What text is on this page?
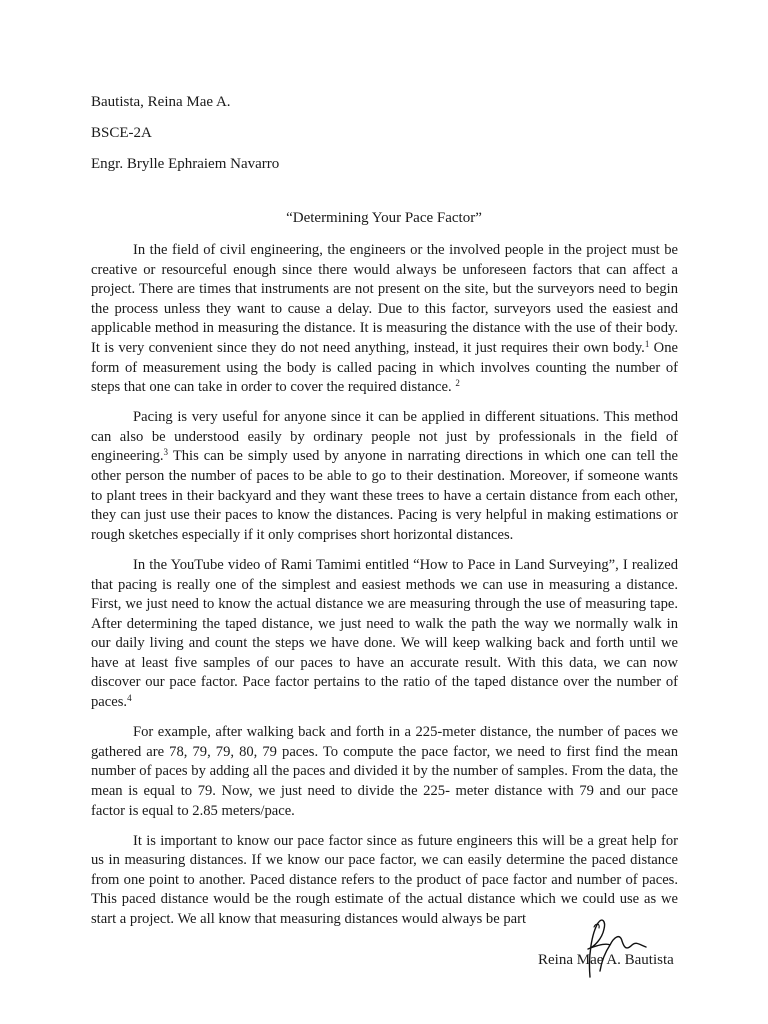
Bautista, Reina Mae A.
BSCE-2A
Engr. Brylle Ephraiem Navarro
“Determining Your Pace Factor”

In the field of civil engineering, the engineers or the involved people in the project must be creative or resourceful enough since there would always be unforeseen factors that can affect a project. There are times that instruments are not present on the site, but the surveyors need to begin the process unless they want to cause a delay. Due to this factor, surveyors used the easiest and applicable method in measuring the distance. It is measuring the distance with the use of their body. It is very convenient since they do not need anything, instead, it just requires their own body.$^1$ One form of measurement using the body is called pacing in which involves counting the number of steps that one can take in order to cover the required distance. $^2$

Pacing is very useful for anyone since it can be applied in different situations. This method can also be understood easily by ordinary people not just by professionals in the field of engineering.$^3$ This can be simply used by anyone in narrating directions in which one can tell the other person the number of paces to be able to go to their destination. Moreover, if someone wants to plant trees in their backyard and they want these trees to have a certain distance from each other, they can just use their paces to know the distances. Pacing is very helpful in making estimations or rough sketches especially if it only comprises short horizontal distances.

In the YouTube video of Rami Tamimi entitled “How to Pace in Land Surveying”, I realized that pacing is really one of the simplest and easiest methods we can use in measuring a distance. First, we just need to know the actual distance we are measuring through the use of measuring tape. After determining the taped distance, we just need to walk the path the way we normally walk in our daily living and count the steps we have done. We will keep walking back and forth until we have at least five samples of our paces to have an accurate result. With this data, we can now discover our pace factor. Pace factor pertains to the ratio of the taped distance over the number of paces.$^4$

For example, after walking back and forth in a 225-meter distance, the number of paces we gathered are 78, 79, 79, 80, 79 paces. To compute the pace factor, we need to first find the mean number of paces by adding all the paces and divided it by the number of samples. From the data, the mean is equal to 79. Now, we just need to divide the 225- meter distance with 79 and our pace factor is equal to 2.85 meters/pace.

It is important to know our pace factor since as future engineers this will be a great help for us in measuring distances. If we know our pace factor, we can easily determine the paced distance from one point to another. Paced distance refers to the product of pace factor and number of paces. This paced distance would be the rough estimate of the actual distance which we could use as we start a project. We all know that measuring distances would always be part

Reina Mae A. Bautista
